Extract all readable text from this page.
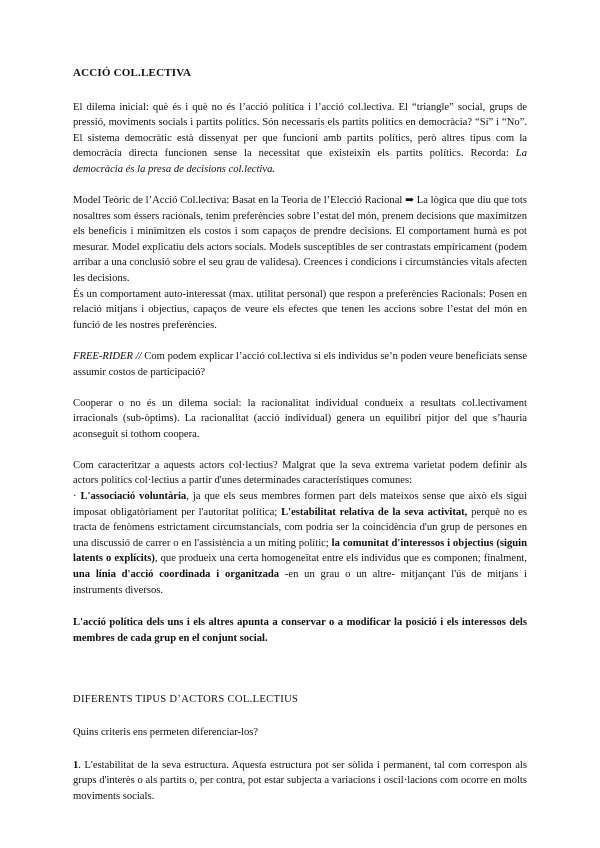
ACCIÓ COL.LECTIVA

El dilema inicial: què és i què no és l’acció política i l’acció col.lectiva. El “triangle” social, grups de pressió, moviments socials i partits polítics. Són necessaris els partits polítics en democràcia? “Sí” i “No”. El sistema democràtic està dissenyat per que funcioni amb partits polítics, però altres tipus com la democràcia directa funcionen sense la necessitat que existeixin els partits polítics. Recorda: La democràcia és la presa de decisions col.lectiva.

Model Teòric de l’Acció Col.lectiva: Basat en la Teoria de l’Elecció Racional ➡ La lògica que diu que tots nosaltres som éssers racionals, tenim preferències sobre l’estat del món, prenem decisions que maximitzen els beneficis i minimitzen els costos i som capaços de prendre decisions. El comportament humà es pot mesurar. Model explicatiu dels actors socials. Models susceptibles de ser contrastats empíricament (podem arribar a una conclusió sobre el seu grau de validesa). Creences i condicions i circumstàncies vitals afecten les decisions.

És un comportament auto-interessat (max. utilitat personal) que respon a preferències Racionals: Posen en relació mitjans i objectius, capaços de veure els efectes que tenen les accions sobre l’estat del món en funció de les nostres preferències.

FREE-RIDER // Com podem explicar l’acció col.lectiva si els individus se’n poden veure beneficiats sense assumir costos de participació?

Cooperar o no és un dilema social: la racionalitat individual condueix a resultats col.lectivament irracionals (sub-òptims). La racionalitat (acció individual) genera un equilibri pitjor del que s’hauria aconseguit si tothom coopera.

Com caracteritzar a aquests actors col·lectius? Malgrat que la seva extrema varietat podem definir als actors polítics col·lectius a partir d'unes determinades característiques comunes:

· L'associació voluntària, ja que els seus membres formen part dels mateixos sense que això els sigui imposat obligatòriament per l'autoritat política; L'estabilitat relativa de la seva activitat, perquè no es tracta de fenòmens estrictament circumstancials, com podria ser la coincidència d'un grup de persones en una discussió de carrer o en l'assistència a un míting polític; la comunitat d'interessos i objectius (siguin latents o explícits), que produeix una certa homogeneïtat entre els individus que es componen; finalment, una línia d'acció coordinada i organitzada -en un grau o un altre- mitjançant l'ús de mitjans i instruments diversos.

L'acció política dels uns i els altres apunta a conservar o a modificar la posició i els interessos dels membres de cada grup en el conjunt social.

DIFERENTS TIPUS D’ACTORS COL.LECTIUS

Quins criteris ens permeten diferenciar-los?

1. L'estabilitat de la seva estructura. Aquesta estructura pot ser sòlida i permanent, tal com correspon als grups d'interès o als partits o, per contra, pot estar subjecta a variacions i oscil·lacions com ocorre en molts moviments socials.
